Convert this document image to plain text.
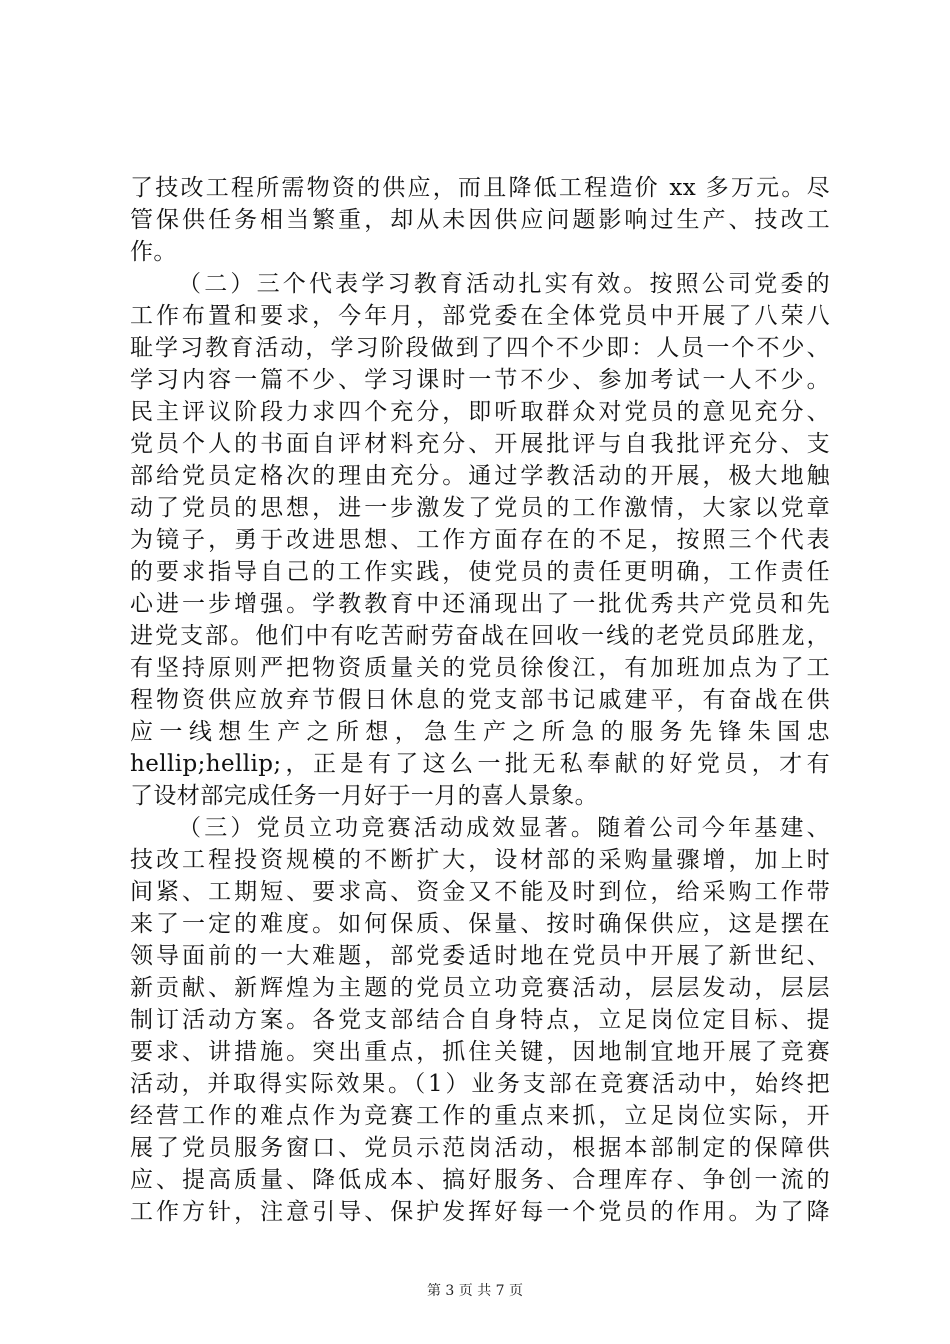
了技改工程所需物资的供应，而且降低工程造价 xx 多万元。尽
管保供任务相当繁重，却从未因供应问题影响过生产、技改工
作。
（二）三个代表学习教育活动扎实有效。按照公司党委的
工作布置和要求，今年月，部党委在全体党员中开展了八荣八
耻学习教育活动，学习阶段做到了四个不少即：人员一个不少、
学习内容一篇不少、学习课时一节不少、参加考试一人不少。
民主评议阶段力求四个充分，即听取群众对党员的意见充分、
党员个人的书面自评材料充分、开展批评与自我批评充分、支
部给党员定格次的理由充分。通过学教活动的开展，极大地触
动了党员的思想，进一步激发了党员的工作激情，大家以党章
为镜子，勇于改进思想、工作方面存在的不足，按照三个代表
的要求指导自己的工作实践，使党员的责任更明确，工作责任
心进一步增强。学教教育中还涌现出了一批优秀共产党员和先
进党支部。他们中有吃苦耐劳奋战在回收一线的老党员邱胜龙，
有坚持原则严把物资质量关的党员徐俊江，有加班加点为了工
程物资供应放弃节假日休息的党支部书记戚建平，有奋战在供
应一线想生产之所想，急生产之所急的服务先锋朱国忠
hellip;hellip;，正是有了这么一批无私奉献的好党员，才有
了设材部完成任务一月好于一月的喜人景象。
（三）党员立功竞赛活动成效显著。随着公司今年基建、
技改工程投资规模的不断扩大，设材部的采购量骤增，加上时
间紧、工期短、要求高、资金又不能及时到位，给采购工作带
来了一定的难度。如何保质、保量、按时确保供应，这是摆在
领导面前的一大难题，部党委适时地在党员中开展了新世纪、
新贡献、新辉煌为主题的党员立功竞赛活动，层层发动，层层
制订活动方案。各党支部结合自身特点，立足岗位定目标、提
要求、讲措施。突出重点，抓住关键，因地制宜地开展了竞赛
活动，并取得实际效果。（1）业务支部在竞赛活动中，始终把
经营工作的难点作为竞赛工作的重点来抓，立足岗位实际，开
展了党员服务窗口、党员示范岗活动，根据本部制定的保障供
应、提高质量、降低成本、搞好服务、合理库存、争创一流的
工作方针，注意引导、保护发挥好每一个党员的作用。为了降
第 3 页 共 7 页
